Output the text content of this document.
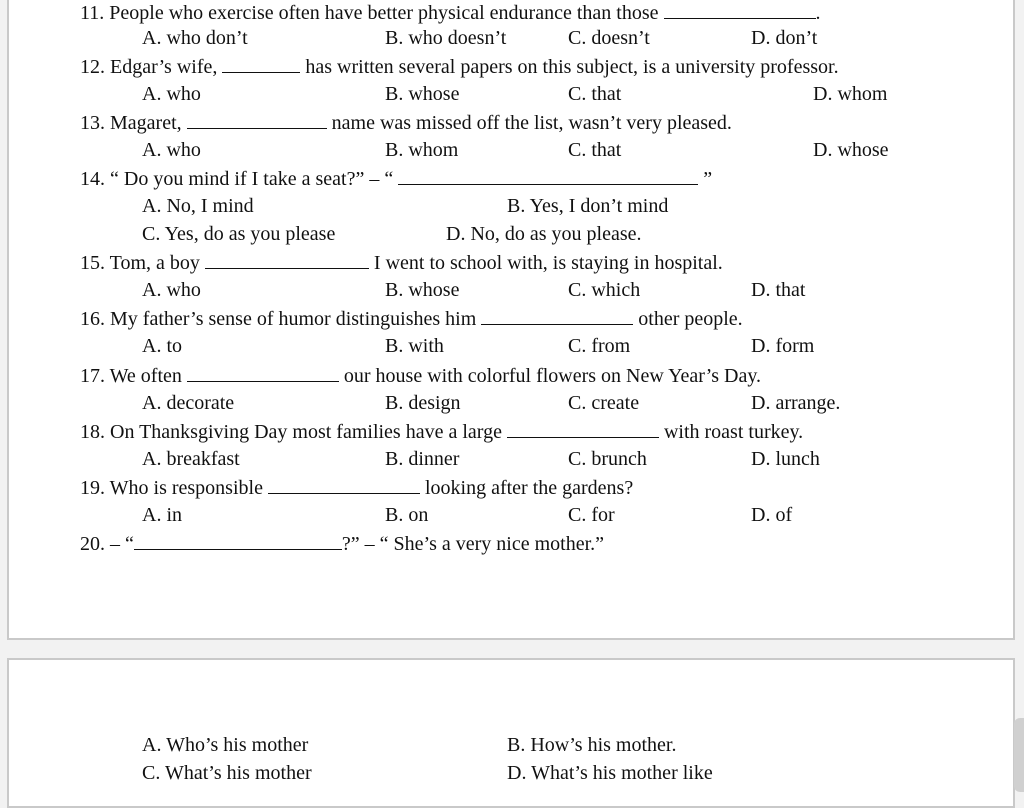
11. People who exercise often have better physical endurance than those	.
A. who don’t	B. who doesn’t	C. doesn’t	D. don’t
12. Edgar’s wife,	has written several papers on this subject, is a university professor.
A. who	B. whose	C. that	D. whom
13. Magaret,	name was missed off the list, wasn’t very pleased.
A. who	B. whom	C. that	D. whose
14. “ Do you mind if I take a seat?” – “	”
A. No, I mind	B. Yes, I don’t mind
C. Yes, do as you please	D. No, do as you please.
15. Tom, a boy	I went to school with, is staying in hospital.
A. who	B. whose	C. which	D. that
16. My father’s sense of humor distinguishes him	other people.
A. to	B. with	C. from	D. form
17. We often	our house with colorful flowers on New Year’s Day.
A. decorate	B. design	C. create	D. arrange.
18. On Thanksgiving Day most families have a large	with roast turkey.
A. breakfast	B. dinner	C. brunch	D. lunch
19. Who is responsible	looking after the gardens?
A. in	B. on	C. for	D. of
20. – “	?” – “ She’s a very nice mother.”
A. Who’s his mother	B. How’s his mother.
C. What’s his mother	D. What’s his mother like
